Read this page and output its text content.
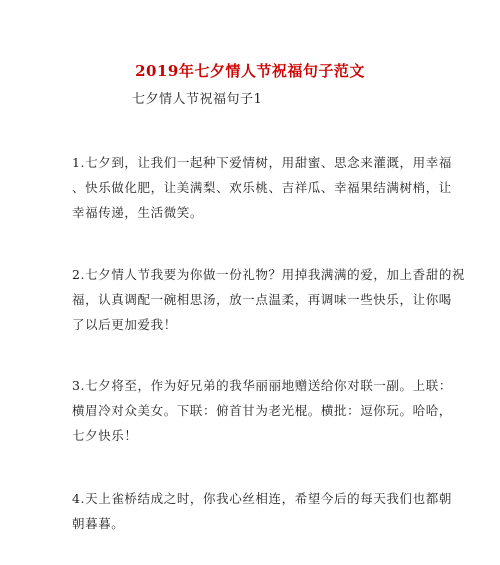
2019年七夕情人节祝福句子范文
七夕情人节祝福句子1
1.七夕到，让我们一起种下爱情树，用甜蜜、思念来灌溉，用幸福
、快乐做化肥，让美满梨、欢乐桃、吉祥瓜、幸福果结满树梢，让
幸福传递，生活微笑。
2.七夕情人节我要为你做一份礼物？用掉我满满的爱，加上香甜的祝
福，认真调配一碗相思汤，放一点温柔，再调味一些快乐，让你喝
了以后更加爱我！
3.七夕将至，作为好兄弟的我华丽丽地赠送给你对联一副。上联：
横眉冷对众美女。下联：俯首甘为老光棍。横批：逗你玩。哈哈，
七夕快乐！
4.天上雀桥结成之时，你我心丝相连，希望今后的每天我们也都朝
朝暮暮。
